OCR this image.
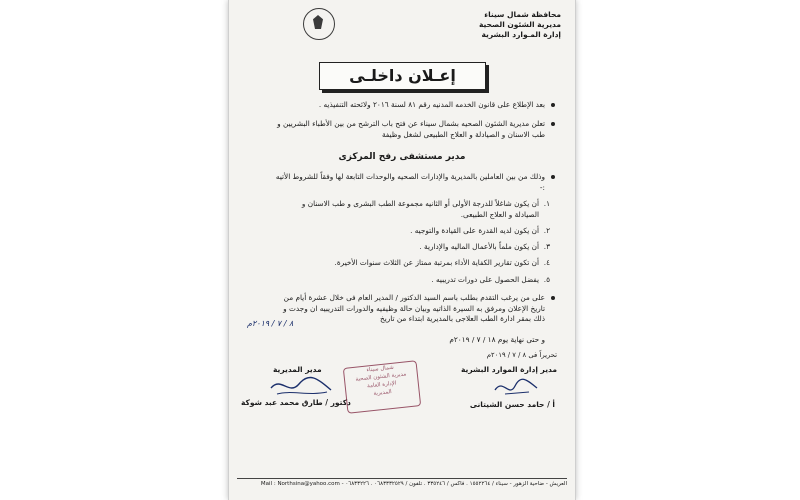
محافظة شمال سيناء
مديرية الشئون الصحية
إدارة المـوارد البشرية
إعـلان داخلـى
بعد الإطلاع على قانون الخدمه المدنيه رقم ٨١ لسنة ٢٠١٦ ولائحته التنفيذيه .
تعلن مديرية الشئون الصحيه بشمال سيناء عن فتح باب الترشح من بين الأطباء البشريين و طب الاسنان و الصيادلة و العلاج الطبيعى لشغل وظيفة
مدير مستشفى رفح المركزى
وذلك من بين العاملين بالمديرية والإدارات الصحيه والوحدات التابعة لها وفقاً للشروط الأتيه :-
١.
أن يكون شاغلاً للدرجة الأولى أو الثانيه مجموعة الطب البشرى و طب الاسنان و الصيادلة و العلاج الطبيعى.
٢.
أن يكون لديه القدرة على القيادة والتوجيه .
٣.
أن يكون ملماً بالأعمال الماليه والإدارية .
٤.
أن تكون تقارير الكفاية الأداء بمرتبة ممتاز عن الثلاث سنوات الأخيرة.
٥.
يفضل الحصول على دورات تدريبيه .
على من يرغب التقدم بطلب باسم السيد الدكتور / المدير العام فى خلال عشرة أيام من تاريخ الإعلان ومرفق به السيرة الذاتيه وبيان حالة وظيفيه والدورات التدريبيه ان وجدت و ذلك بمقر ادارة الطب العلاجى بالمديرية ابتداء من تاريخ
٨ / ٧ / ٢٠١٩م
و حتى نهاية يوم ١٨ / ٧ / ٢٠١٩م
تحريراً فى ٨ / ٧ / ٢٠١٩م
مدير إدارة الموارد البشرية
أ / حامد حسن الشيتانى
مدير المديرية
دكتور / طارق محمد عبد شوكة
شمال سيناء
مديرية الشئون الصحية
الإدارة العامة
المديرية
العريش - ضاحية الزهور - سيناء / ١٥٥٢٢٦٤ . فاكس / ٣٣٥٢٤٦ . تلفون / ٠٦٨٣٣٣٢٥٢٩ . ٠٦٨٣٣٢٢٦ - Mail : Northsina@yahoo.com
